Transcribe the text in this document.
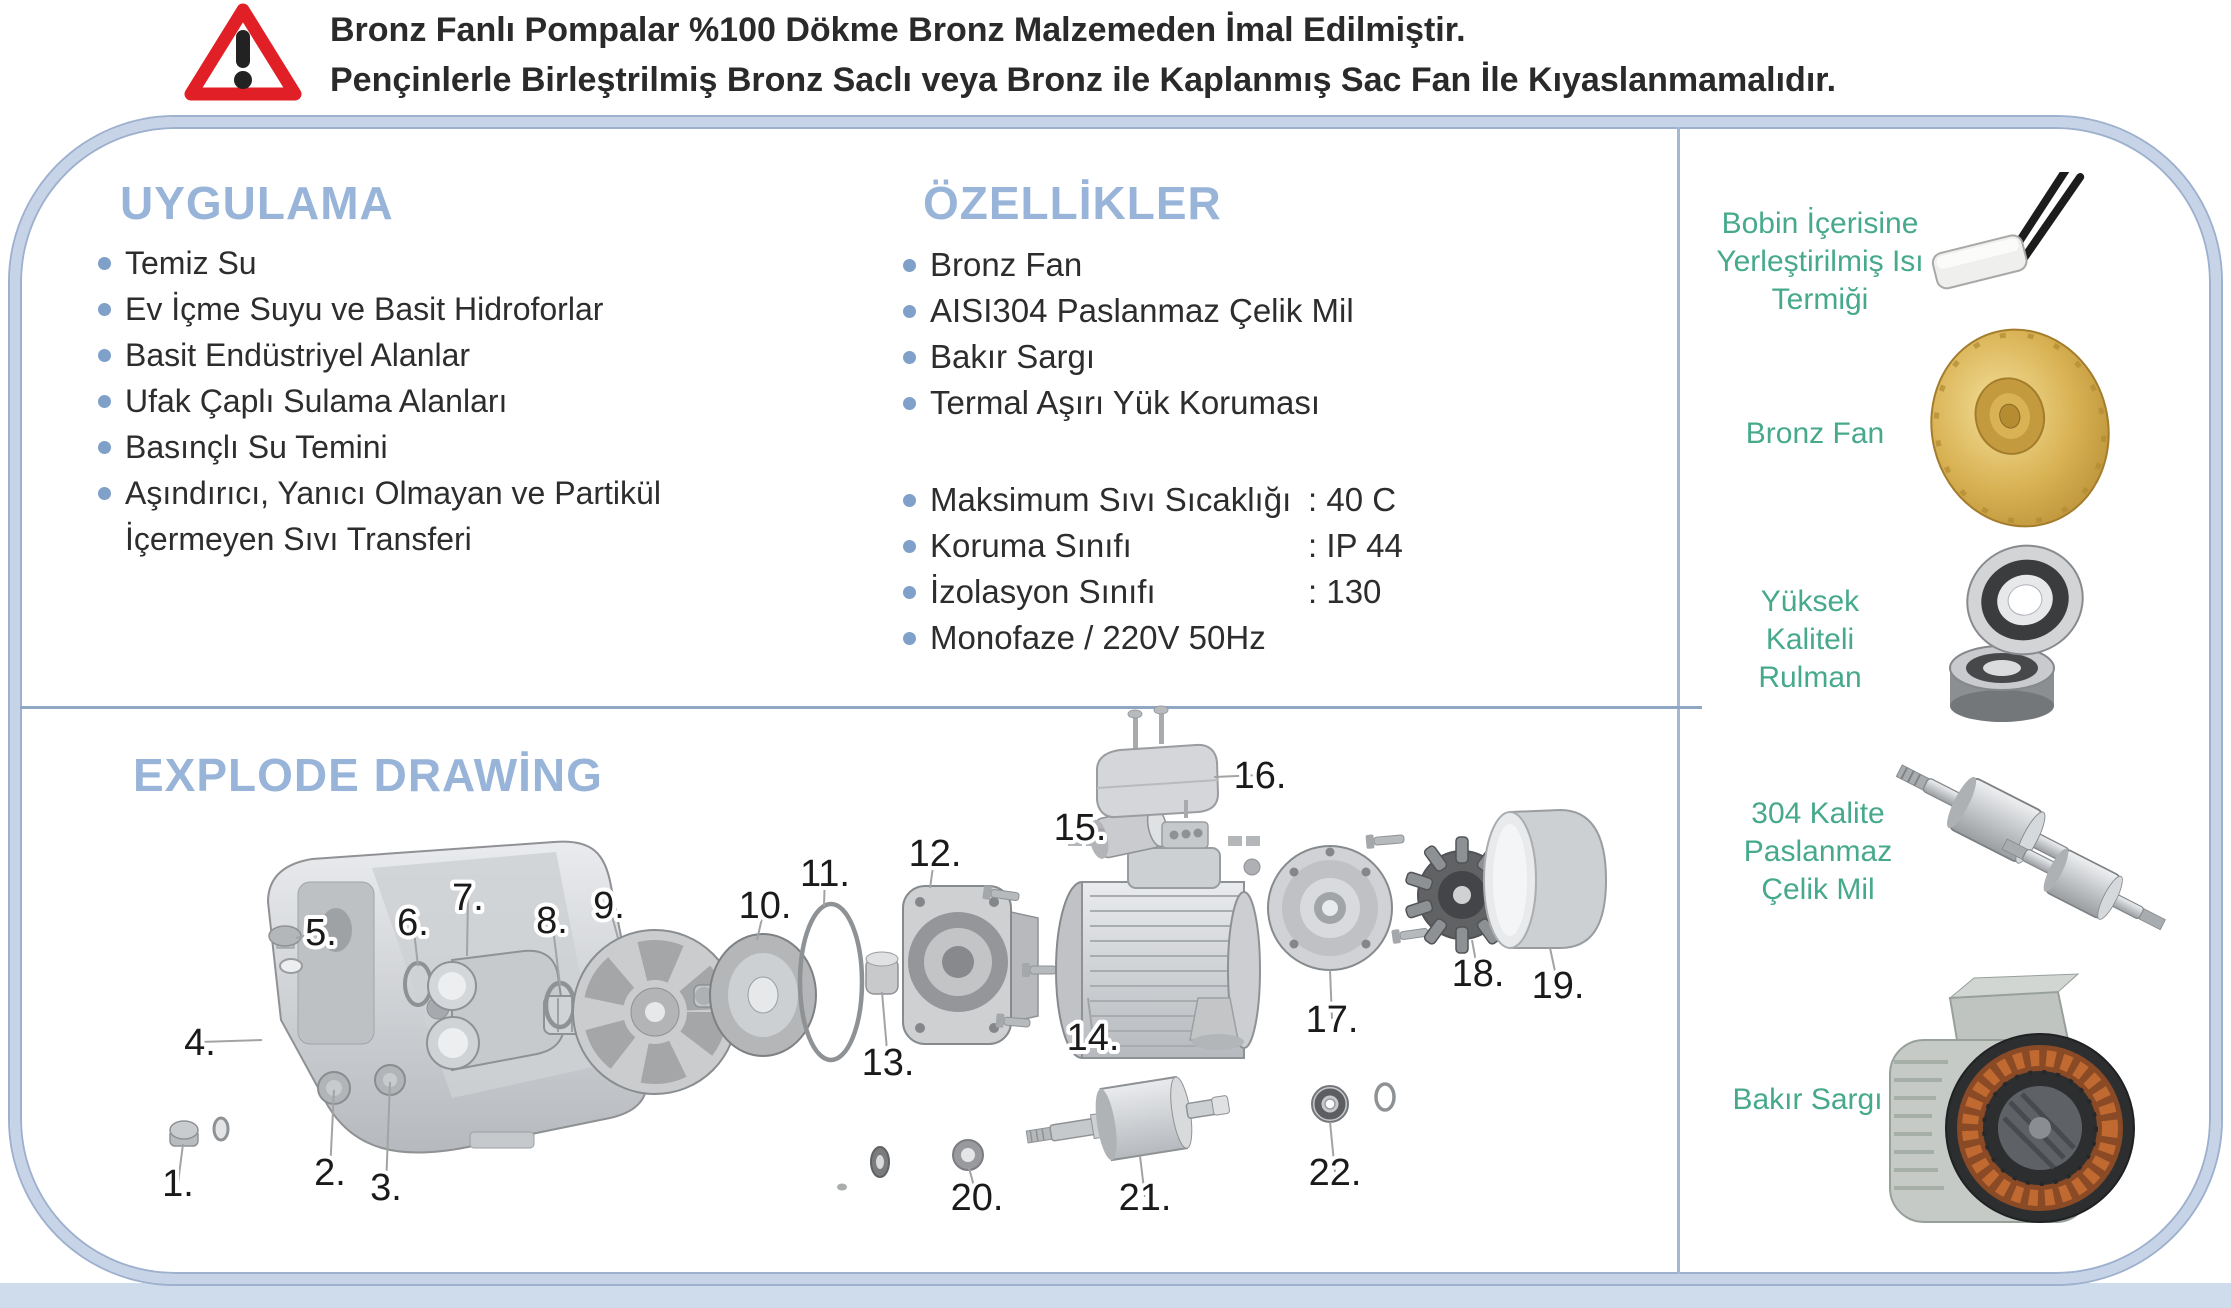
Bronz Fanlı Pompalar %100 Dökme Bronz Malzemeden İmal Edilmiştir.
Pençinlerle Birleştrilmiş Bronz Saclı veya Bronz ile Kaplanmış Sac Fan İle Kıyaslanmamalıdır.
UYGULAMA
Temiz Su
Ev İçme Suyu ve Basit Hidroforlar
Basit Endüstriyel Alanlar
Ufak Çaplı Sulama Alanları
Basınçlı Su Temini
Aşındırıcı, Yanıcı Olmayan ve Partikül İçermeyen Sıvı Transferi
ÖZELLİKLER
Bronz Fan
AISI304 Paslanmaz Çelik Mil
Bakır Sargı
Termal Aşırı Yük Koruması
Maksimum Sıvı Sıcaklığı : 40 C
Koruma Sınıfı	: IP 44
İzolasyon Sınıfı	: 130
Monofaze / 220V 50Hz
EXPLODE DRAWİNG
1.	2. 3.
4.
5. 6.
7.
8. 9.	10.
11. 12.
13.
14.
15.
16.
17.
18. 19.
20.	21.
22.
Bobin İçerisine Yerleştirilmiş Isı Termiği
Bronz Fan
Yüksek Kaliteli Rulman
304 Kalite Paslanmaz Çelik Mil
Bakır Sargı
